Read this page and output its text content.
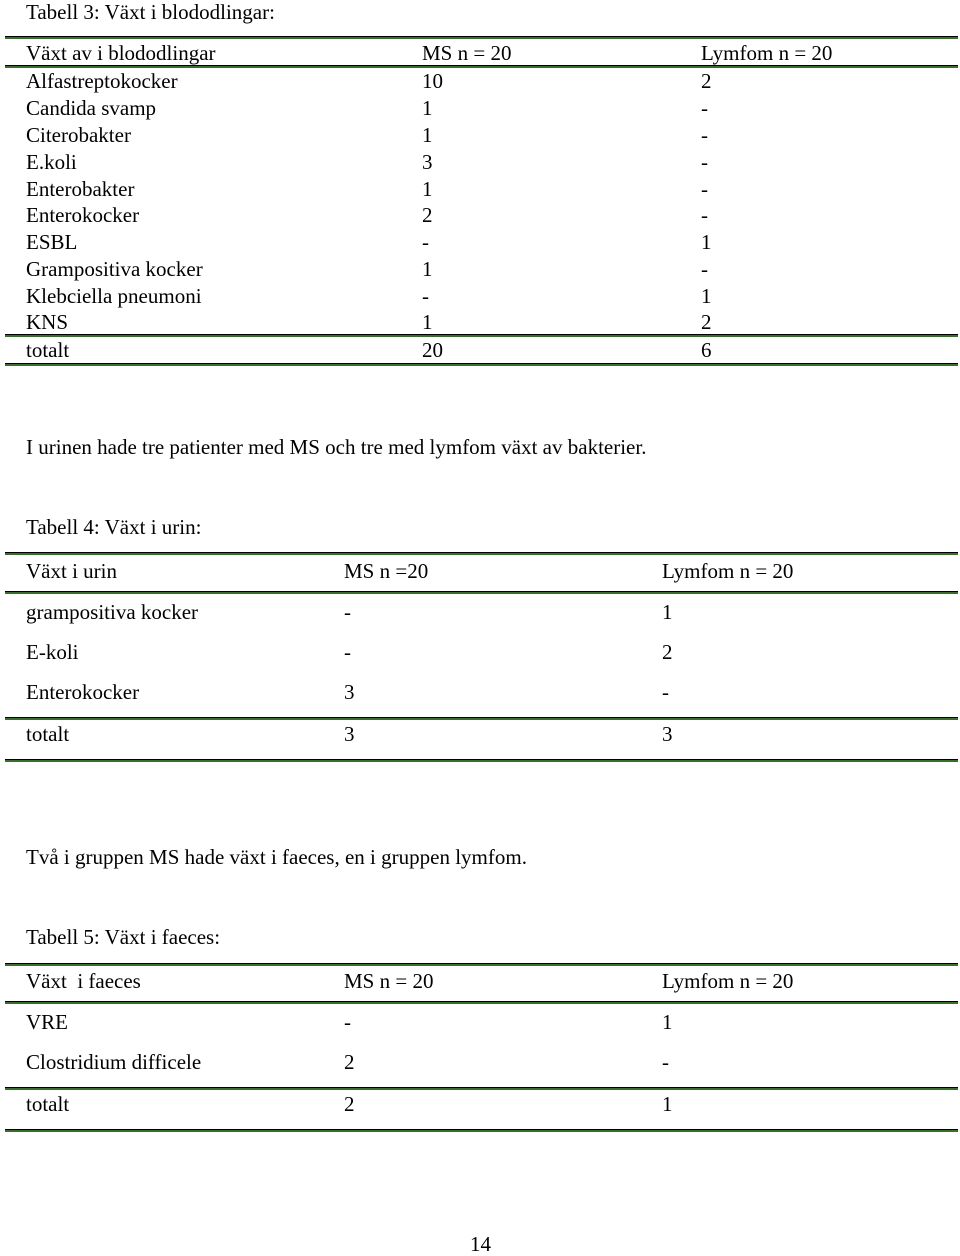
Tabell 3: Växt i blododlingar:
Växt av i blododlingar	MS n = 20	Lymfom n = 20
Alfastreptokocker	10	2
Candida svamp	1	-
Citerobakter	1	-
E.koli	3	-
Enterobakter	1	-
Enterokocker	2	-
ESBL	-	1
Grampositiva kocker	1	-
Klebciella pneumoni	-	1
KNS	1	2
totalt	20	6
I urinen hade tre patienter med MS och tre med lymfom växt av bakterier.
Tabell 4: Växt i urin:
Växt i urin	MS n =20	Lymfom n = 20
grampositiva kocker	-	1
E-koli	-	2
Enterokocker	3	-
totalt	3	3
Två i gruppen MS hade växt i faeces, en i gruppen lymfom.
Tabell 5: Växt i faeces:
Växt  i faeces	MS n = 20	Lymfom n = 20
VRE	-	1
Clostridium difficele	2	-
totalt	2	1
14
